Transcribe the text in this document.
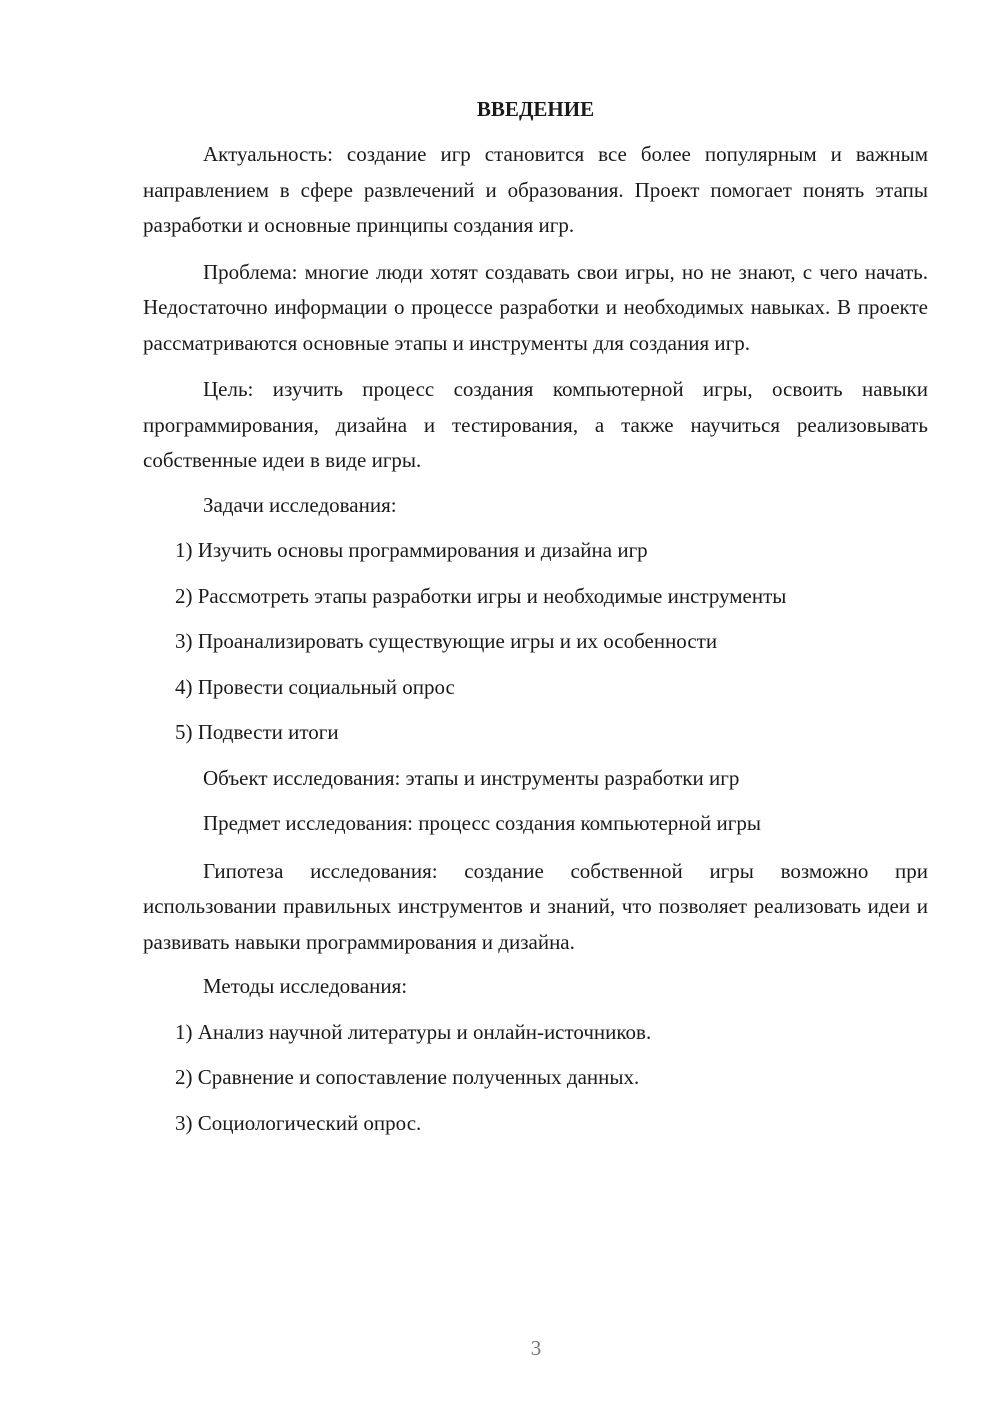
ВВЕДЕНИЕ

Актуальность: создание игр становится все более популярным и важным направлением в сфере развлечений и образования. Проект помогает понять этапы разработки и основные принципы создания игр.

Проблема: многие люди хотят создавать свои игры, но не знают, с чего начать. Недостаточно информации о процессе разработки и необходимых навыках. В проекте рассматриваются основные этапы и инструменты для создания игр.

Цель: изучить процесс создания компьютерной игры, освоить навыки программирования, дизайна и тестирования, а также научиться реализовывать собственные идеи в виде игры.

Задачи исследования:
1) Изучить основы программирования и дизайна игр
2) Рассмотреть этапы разработки игры и необходимые инструменты
3) Проанализировать существующие игры и их особенности
4) Провести социальный опрос
5) Подвести итоги
Объект исследования: этапы и инструменты разработки игр
Предмет исследования: процесс создания компьютерной игры

Гипотеза исследования: создание собственной игры возможно при использовании правильных инструментов и знаний, что позволяет реализовать идеи и развивать навыки программирования и дизайна.

Методы исследования:
1) Анализ научной литературы и онлайн-источников.
2) Сравнение и сопоставление полученных данных.
3) Социологический опрос.
3
